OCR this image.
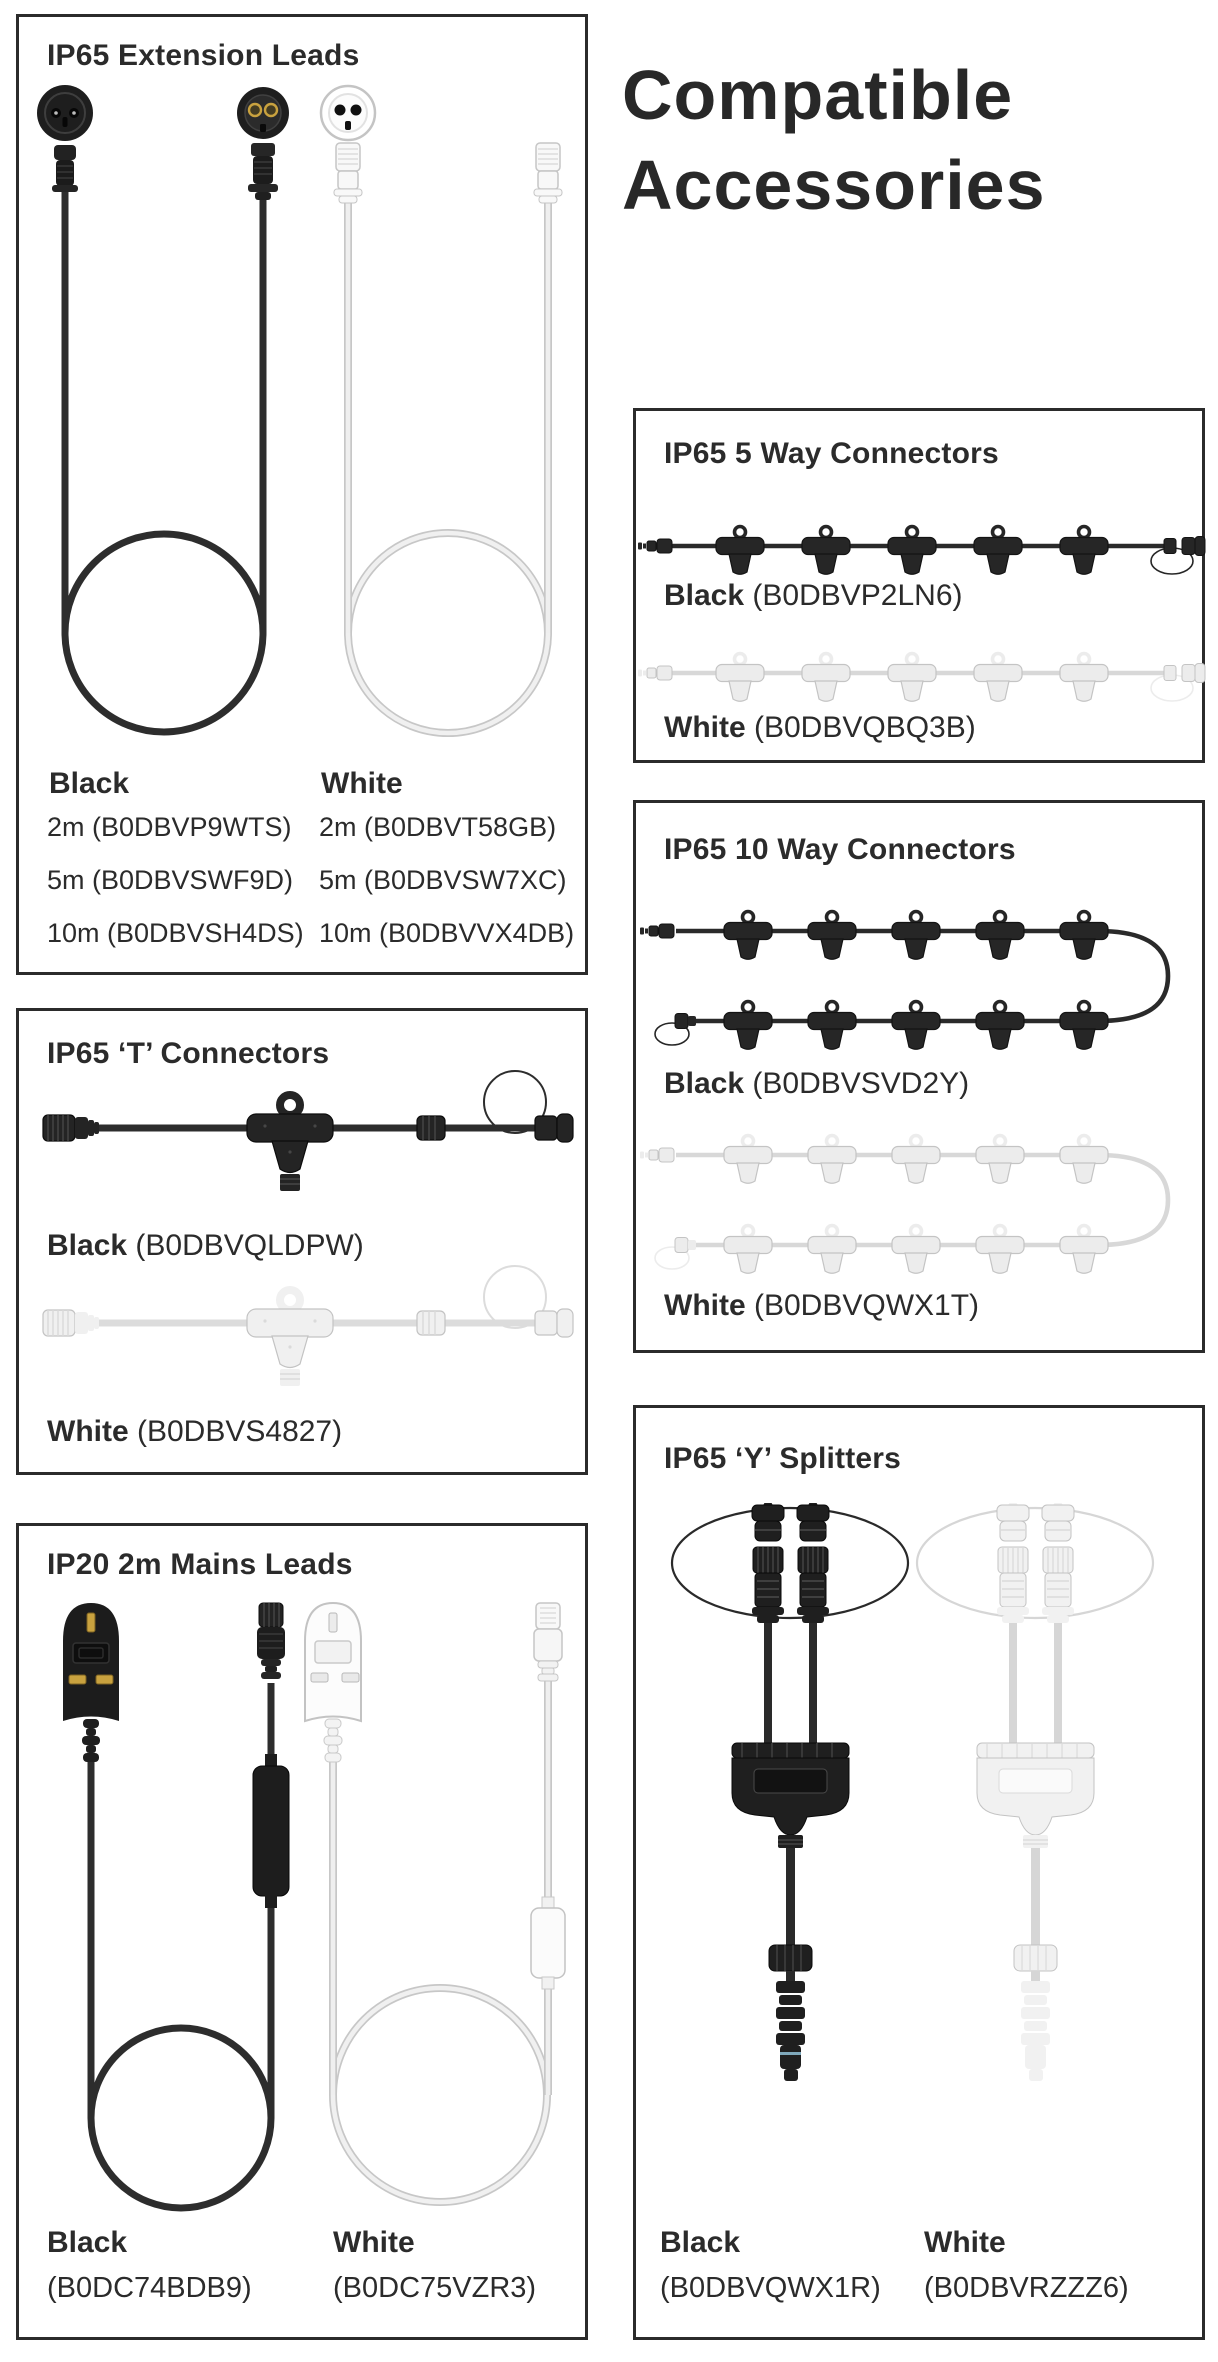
Compatible
Accessories
IP65 Extension Leads
Black	White
2m (B0DBVP9WTS)
5m (B0DBVSWF9D)
10m (B0DBVSH4DS)
2m (B0DBVT58GB)
5m (B0DBVSW7XC)
10m (B0DBVVX4DB)
IP65 5 Way Connectors
Black (B0DBVP2LN6)
White (B0DBVQBQ3B)
IP65 10 Way Connectors
Black (B0DBVSVD2Y)
White (B0DBVQWX1T)
IP65 ‘T’ Connectors
Black (B0DBVQLDPW)
White (B0DBVS4827)
IP20 2m Mains Leads
Black
(B0DC74BDB9)
White
(B0DC75VZR3)
IP65 ‘Y’ Splitters
Black
(B0DBVQWX1R)
White
(B0DBVRZZZ6)
